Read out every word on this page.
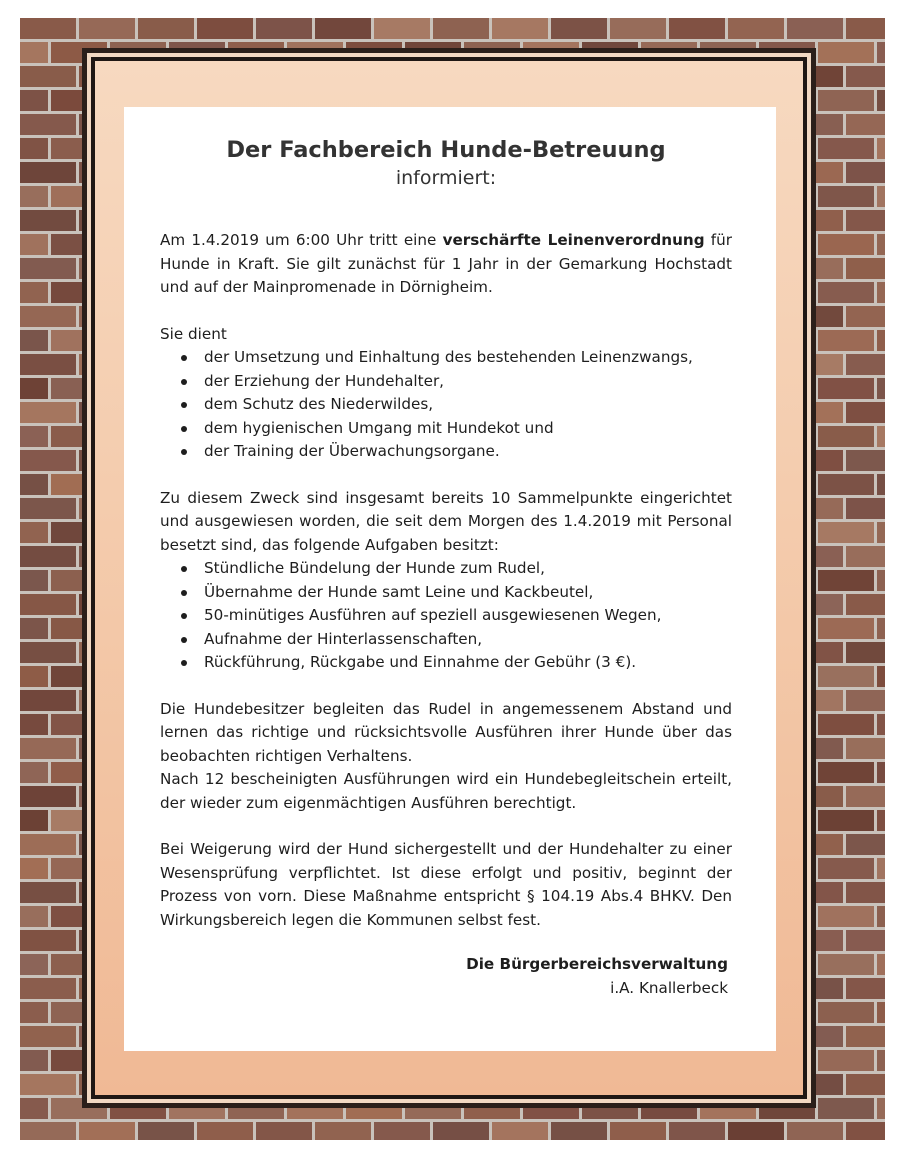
Der Fachbereich Hunde-Betreuung

informiert:

Am 1.4.2019 um 6:00 Uhr tritt eine verschärfte Leinenverordnung für Hunde in Kraft. Sie gilt zunächst für 1 Jahr in der Gemarkung Hochstadt und auf der Mainpromenade in Dörnigheim.

Sie dient

der Umsetzung und Einhaltung des bestehenden Leinenzwangs,
der Erziehung der Hundehalter,
dem Schutz des Niederwildes,
dem hygienischen Umgang mit Hundekot und
der Training der Überwachungsorgane.

Zu diesem Zweck sind insgesamt bereits 10 Sammelpunkte eingerichtet und ausgewiesen worden, die seit dem Morgen des 1.4.2019 mit Personal besetzt sind, das folgende Aufgaben besitzt:

Stündliche Bündelung der Hunde zum Rudel,
Übernahme der Hunde samt Leine und Kackbeutel,
50-minütiges Ausführen auf speziell ausgewiesenen Wegen,
Aufnahme der Hinterlassenschaften,
Rückführung, Rückgabe und Einnahme der Gebühr (3 €).

Die Hundebesitzer begleiten das Rudel in angemessenem Abstand und lernen das richtige und rücksichtsvolle Ausführen ihrer Hunde über das beobachten richtigen Verhaltens.

Nach 12 bescheinigten Ausführungen wird ein Hundebegleitschein erteilt, der wieder zum eigenmächtigen Ausführen berechtigt.

Bei Weigerung wird der Hund sichergestellt und der Hundehalter zu einer Wesensprüfung verpflichtet. Ist diese erfolgt und positiv, beginnt der Prozess von vorn. Diese Maßnahme entspricht § 104.19 Abs.4 BHKV. Den Wirkungsbereich legen die Kommunen selbst fest.

Die Bürgerbereichsverwaltung
i.A. Knallerbeck
